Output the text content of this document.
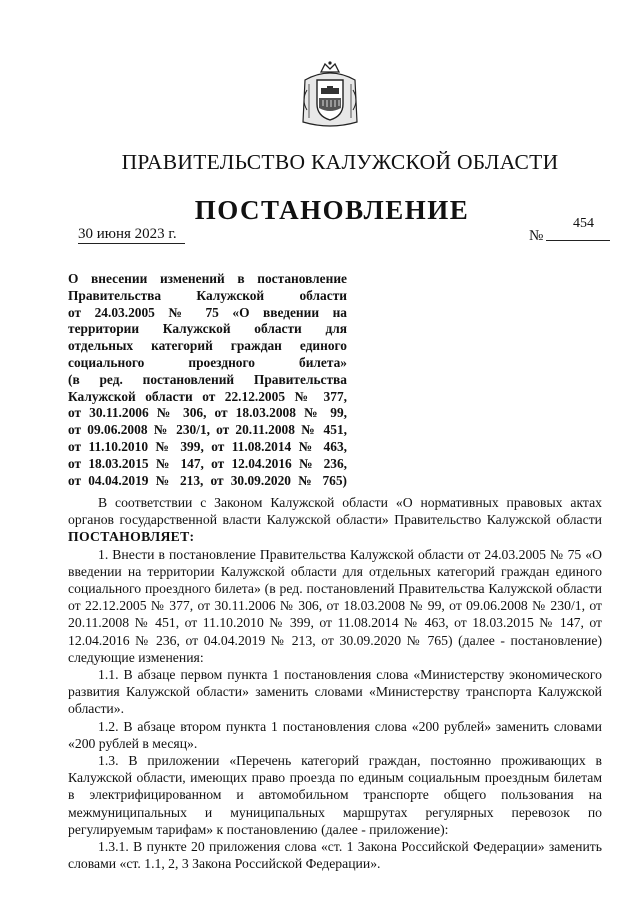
ПРАВИТЕЛЬСТВО КАЛУЖСКОЙ ОБЛАСТИ
ПОСТАНОВЛЕНИЕ
30 июня 2023 г.	№
454
О внесении изменений в постановление
Правительства Калужской области
от 24.03.2005 № 75 «О введении на
территории Калужской области для
отдельных категорий граждан единого
социального проездного билета»
(в ред. постановлений Правительства
Калужской области от 22.12.2005 № 377,
от 30.11.2006 № 306, от 18.03.2008 № 99,
от 09.06.2008 № 230/1, от 20.11.2008 № 451,
от 11.10.2010 № 399, от 11.08.2014 № 463,
от 18.03.2015 № 147, от 12.04.2016 № 236,
от 04.04.2019 № 213, от 30.09.2020 № 765)

В соответствии с Законом Калужской области «О нормативных правовых актах органов государственной власти Калужской области» Правительство Калужской области ПОСТАНОВЛЯЕТ:

1. Внести в постановление Правительства Калужской области от 24.03.2005 № 75 «О введении на территории Калужской области для отдельных категорий граждан единого социального проездного билета» (в ред. постановлений Правительства Калужской области от 22.12.2005 № 377, от 30.11.2006 № 306, от 18.03.2008 № 99, от 09.06.2008 № 230/1, от 20.11.2008 № 451, от 11.10.2010 № 399, от 11.08.2014 № 463, от 18.03.2015 № 147, от 12.04.2016 № 236, от 04.04.2019 № 213, от 30.09.2020 № 765) (далее - постановление) следующие изменения:

1.1. В абзаце первом пункта 1 постановления слова «Министерству экономического развития Калужской области» заменить словами «Министерству транспорта Калужской области».

1.2. В абзаце втором пункта 1 постановления слова «200 рублей» заменить словами «200 рублей в месяц».

1.3. В приложении «Перечень категорий граждан, постоянно проживающих в Калужской области, имеющих право проезда по единым социальным проездным билетам в электрифицированном и автомобильном транспорте общего пользования на межмуниципальных и муниципальных маршрутах регулярных перевозок по регулируемым тарифам» к постановлению (далее - приложение):

1.3.1. В пункте 20 приложения слова «ст. 1 Закона Российской Федерации» заменить словами «ст. 1.1, 2, 3 Закона Российской Федерации».
